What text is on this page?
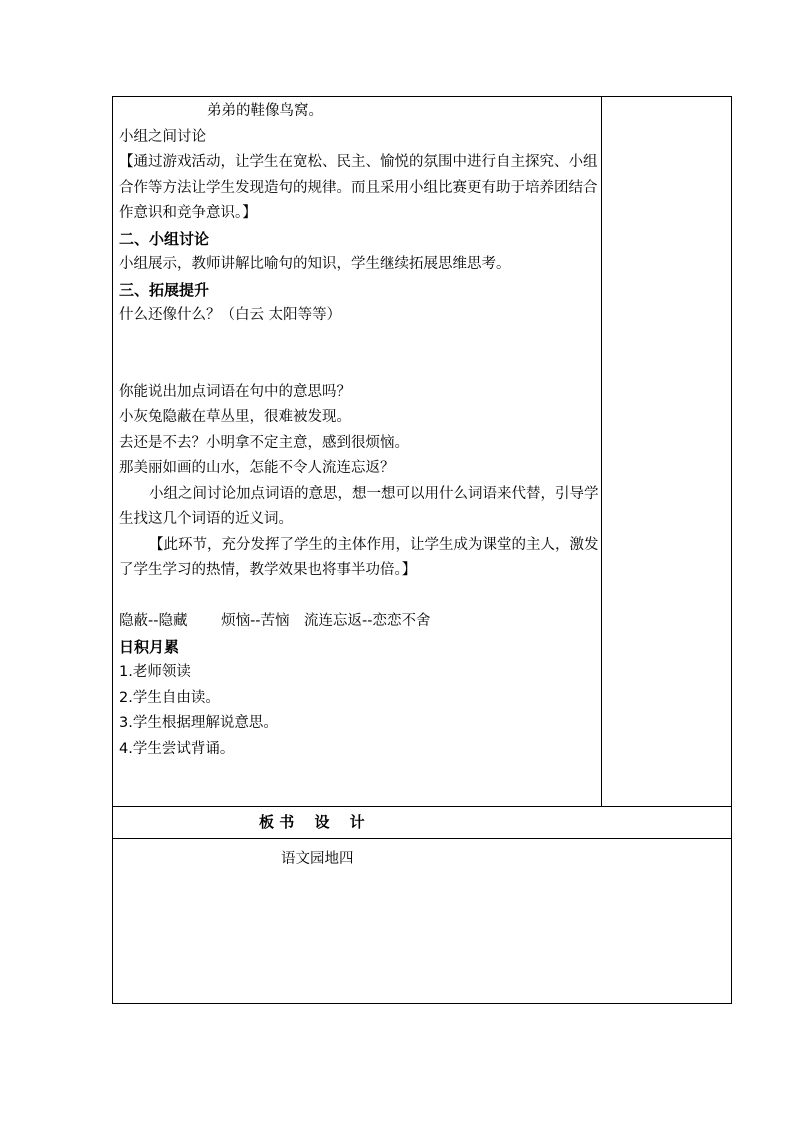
弟弟的鞋像鸟窝。
小组之间讨论
【通过游戏活动，让学生在宽松、民主、愉悦的氛围中进行自主探究、小组合作等方法让学生发现造句的规律。而且采用小组比赛更有助于培养团结合作意识和竞争意识。】
二、小组讨论
小组展示，教师讲解比喻句的知识，学生继续拓展思维思考。
三、拓展提升
什么还像什么？（白云 太阳等等）
你能说出加点词语在句中的意思吗？
小灰兔隐蔽在草丛里，很难被发现。
去还是不去？小明拿不定主意，感到很烦恼。
那美丽如画的山水，怎能不令人流连忘返？
小组之间讨论加点词语的意思，想一想可以用什么词语来代替，引导学生找这几个词语的近义词。
【此环节，充分发挥了学生的主体作用，让学生成为课堂的主人，激发了学生学习的热情，教学效果也将事半功倍。】
隐蔽--隐藏　　 烦恼--苦恼　流连忘返--恋恋不舍
日积月累
1.老师领读
2.学生自由读。
3.学生根据理解说意思。
4.学生尝试背诵。
板 书　 设　 计
语文园地四
